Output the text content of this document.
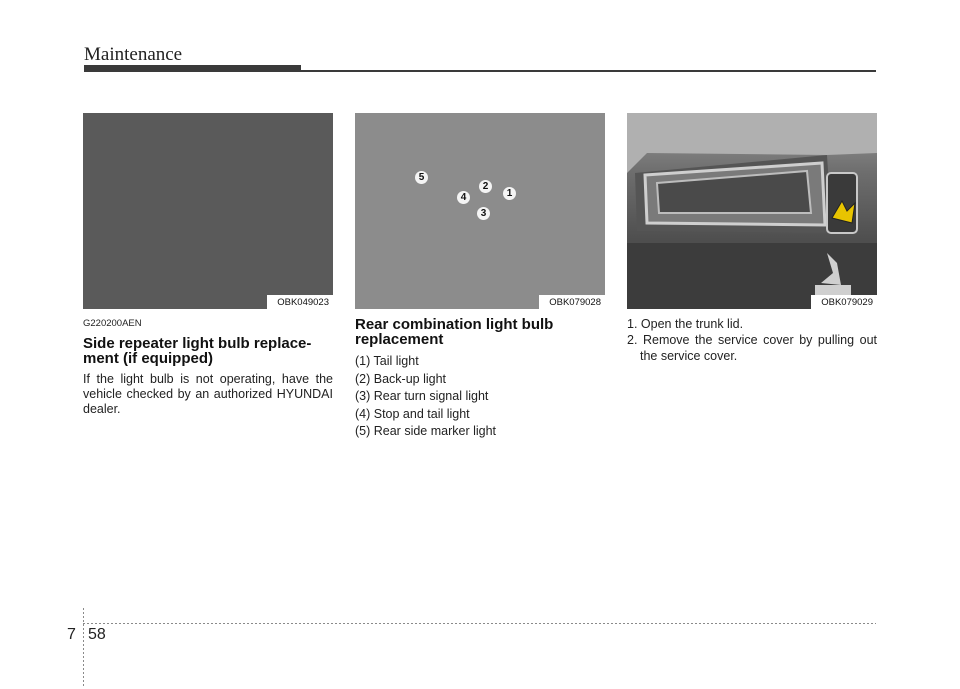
Maintenance
OBK049023
G220200AEN
Side repeater light bulb replace-
ment (if equipped)

If the light bulb is not operating, have the vehicle checked by an authorized HYUNDAI dealer.

5
2
1
4
3
OBK079028
Rear combination light bulb
replacement
(1) Tail light
(2) Back-up light
(3) Rear turn signal light
(4) Stop and tail light
(5) Rear side marker light
OBK079029
1. Open the trunk lid.
2. Remove the service cover by pulling out the service cover.
7 58
